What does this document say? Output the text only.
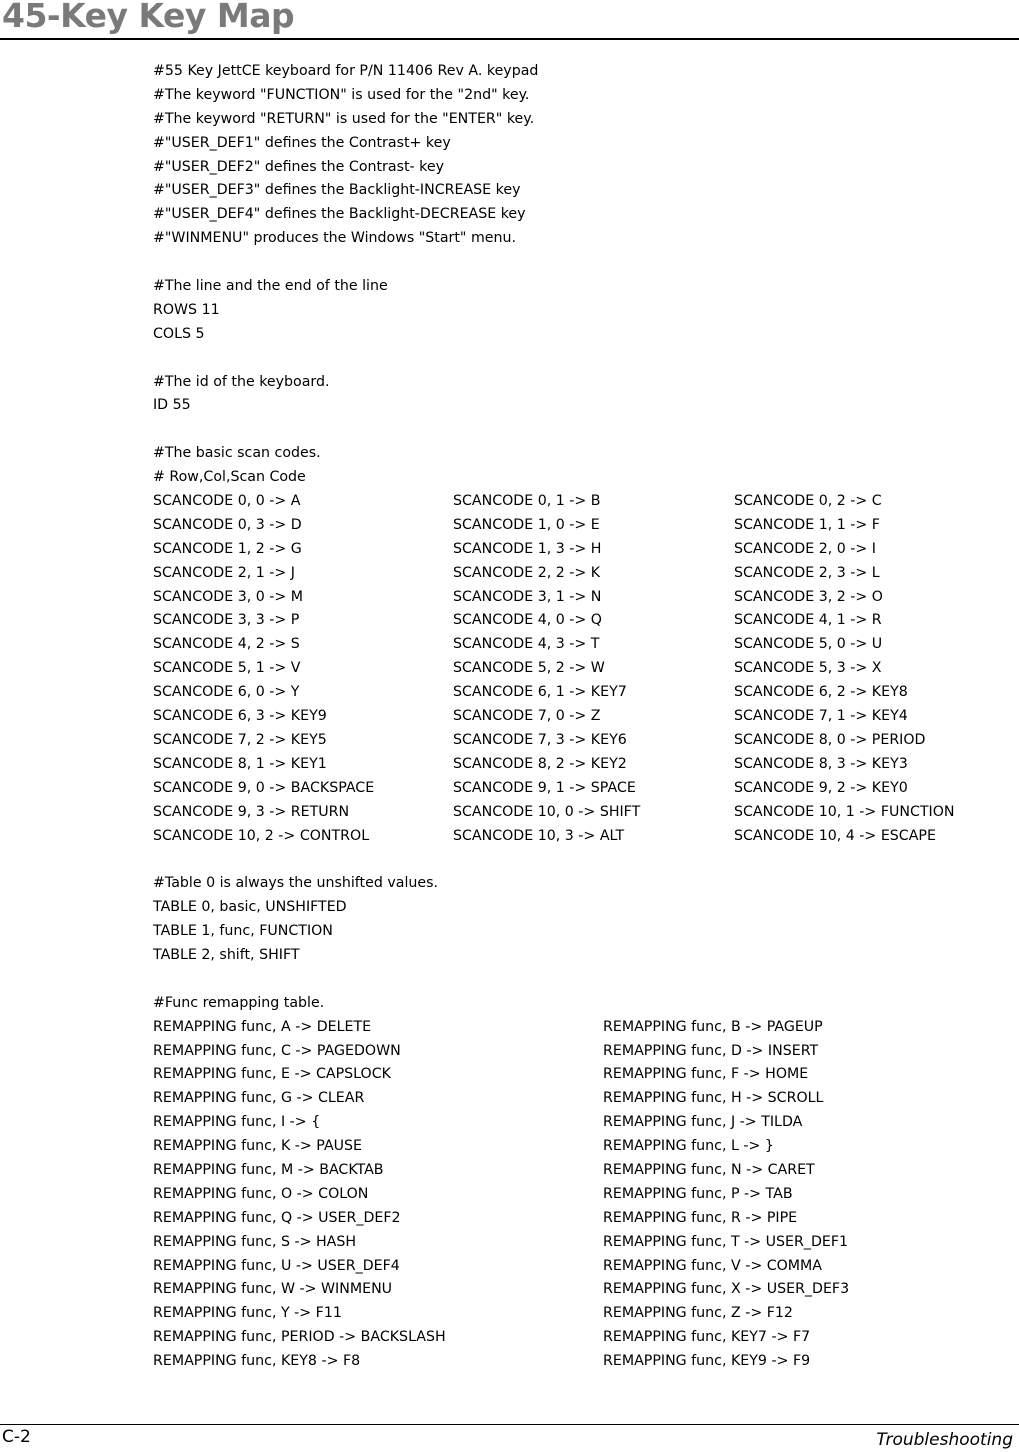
45-Key Key Map
#55 Key JettCE keyboard for P/N 11406 Rev A. keypad
#The keyword "FUNCTION" is used for the "2nd" key.
#The keyword "RETURN" is used for the "ENTER" key.
#"USER_DEF1" defines the Contrast+ key
#"USER_DEF2" defines the Contrast- key
#"USER_DEF3" defines the Backlight-INCREASE key
#"USER_DEF4" defines the Backlight-DECREASE key
#"WINMENU" produces the Windows "Start" menu.
#The line and the end of the line
ROWS 11
COLS 5
#The id of the keyboard.
ID 55
#The basic scan codes.
# Row,Col,Scan Code
SCANCODE 0, 0 -> A	SCANCODE 0, 1 -> B	SCANCODE 0, 2 -> C
SCANCODE 0, 3 -> D	SCANCODE 1, 0 -> E	SCANCODE 1, 1 -> F
SCANCODE 1, 2 -> G	SCANCODE 1, 3 -> H	SCANCODE 2, 0 -> I
SCANCODE 2, 1 -> J	SCANCODE 2, 2 -> K	SCANCODE 2, 3 -> L
SCANCODE 3, 0 -> M	SCANCODE 3, 1 -> N	SCANCODE 3, 2 -> O
SCANCODE 3, 3 -> P	SCANCODE 4, 0 -> Q	SCANCODE 4, 1 -> R
SCANCODE 4, 2 -> S	SCANCODE 4, 3 -> T	SCANCODE 5, 0 -> U
SCANCODE 5, 1 -> V	SCANCODE 5, 2 -> W	SCANCODE 5, 3 -> X
SCANCODE 6, 0 -> Y	SCANCODE 6, 1 -> KEY7	SCANCODE 6, 2 -> KEY8
SCANCODE 6, 3 -> KEY9	SCANCODE 7, 0 -> Z	SCANCODE 7, 1 -> KEY4
SCANCODE 7, 2 -> KEY5	SCANCODE 7, 3 -> KEY6	SCANCODE 8, 0 -> PERIOD
SCANCODE 8, 1 -> KEY1	SCANCODE 8, 2 -> KEY2	SCANCODE 8, 3 -> KEY3
SCANCODE 9, 0 -> BACKSPACE	SCANCODE 9, 1 -> SPACE	SCANCODE 9, 2 -> KEY0
SCANCODE 9, 3 -> RETURN	SCANCODE 10, 0 -> SHIFT	SCANCODE 10, 1 -> FUNCTION
SCANCODE 10, 2 -> CONTROL	SCANCODE 10, 3 -> ALT	SCANCODE 10, 4 -> ESCAPE
#Table 0 is always the unshifted values.
TABLE 0, basic, UNSHIFTED
TABLE 1, func, FUNCTION
TABLE 2, shift, SHIFT
#Func remapping table.
REMAPPING func, A -> DELETE	REMAPPING func, B -> PAGEUP
REMAPPING func, C -> PAGEDOWN	REMAPPING func, D -> INSERT
REMAPPING func, E -> CAPSLOCK	REMAPPING func, F -> HOME
REMAPPING func, G -> CLEAR	REMAPPING func, H -> SCROLL
REMAPPING func, I -> {	REMAPPING func, J -> TILDA
REMAPPING func, K -> PAUSE	REMAPPING func, L -> }
REMAPPING func, M -> BACKTAB	REMAPPING func, N -> CARET
REMAPPING func, O -> COLON	REMAPPING func, P -> TAB
REMAPPING func, Q -> USER_DEF2	REMAPPING func, R -> PIPE
REMAPPING func, S -> HASH	REMAPPING func, T -> USER_DEF1
REMAPPING func, U -> USER_DEF4	REMAPPING func, V -> COMMA
REMAPPING func, W -> WINMENU	REMAPPING func, X -> USER_DEF3
REMAPPING func, Y -> F11	REMAPPING func, Z -> F12
REMAPPING func, PERIOD -> BACKSLASH	REMAPPING func, KEY7 -> F7
REMAPPING func, KEY8 -> F8	REMAPPING func, KEY9 -> F9
C-2	Troubleshooting
